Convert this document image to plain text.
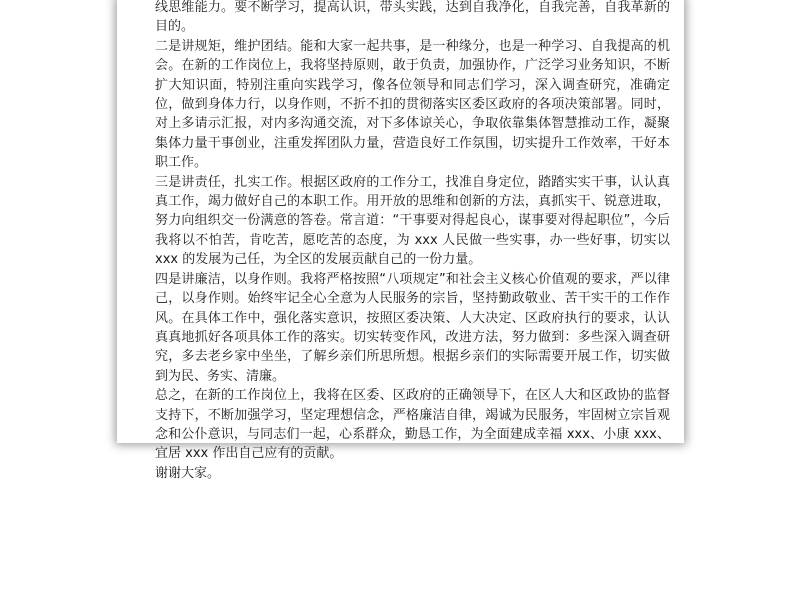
线思维能力。要不断学习，提高认识，带头实践，达到自我净化，自我完善，自我革新的目的。

二是讲规矩，维护团结。能和大家一起共事，是一种缘分，也是一种学习、自我提高的机会。在新的工作岗位上，我将坚持原则，敢于负责，加强协作，广泛学习业务知识，不断扩大知识面，特别注重向实践学习，像各位领导和同志们学习，深入调查研究，准确定位，做到身体力行，以身作则，不折不扣的贯彻落实区委区政府的各项决策部署。同时，对上多请示汇报，对内多沟通交流，对下多体谅关心，争取依靠集体智慧推动工作，凝聚集体力量干事创业，注重发挥团队力量，营造良好工作氛围，切实提升工作效率，干好本职工作。

三是讲责任，扎实工作。根据区政府的工作分工，找准自身定位，踏踏实实干事，认认真真工作，竭力做好自己的本职工作。用开放的思维和创新的方法，真抓实干、锐意进取，努力向组织交一份满意的答卷。常言道：“干事要对得起良心，谋事要对得起职位”，今后我将以不怕苦，肯吃苦，愿吃苦的态度，为 xxx 人民做一些实事，办一些好事，切实以 xxx 的发展为己任，为全区的发展贡献自己的一份力量。

四是讲廉洁，以身作则。我将严格按照“八项规定”和社会主义核心价值观的要求，严以律己，以身作则。始终牢记全心全意为人民服务的宗旨，坚持勤政敬业、苦干实干的工作作风。在具体工作中，强化落实意识，按照区委决策、人大决定、区政府执行的要求，认认真真地抓好各项具体工作的落实。切实转变作风，改进方法，努力做到：多些深入调查研究，多去老乡家中坐坐，了解乡亲们所思所想。根据乡亲们的实际需要开展工作，切实做到为民、务实、清廉。

总之，在新的工作岗位上，我将在区委、区政府的正确领导下，在区人大和区政协的监督支持下，不断加强学习，坚定理想信念，严格廉洁自律，竭诚为民服务，牢固树立宗旨观念和公仆意识，与同志们一起，心系群众，勤恳工作，为全面建成幸福 xxx、小康 xxx、宜居 xxx 作出自己应有的贡献。

谢谢大家。
